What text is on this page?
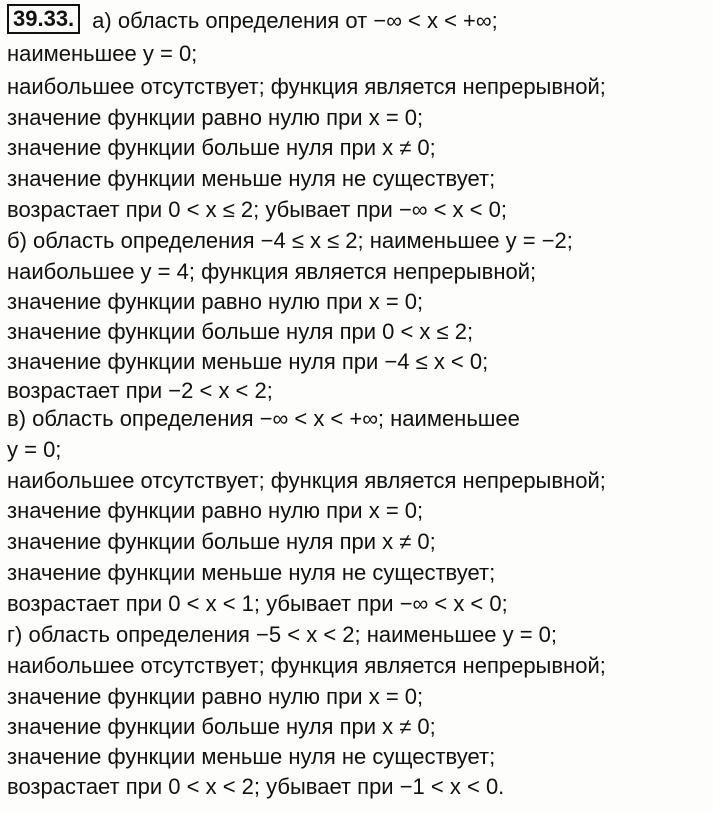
39.33. а) область определения от −∞ < x < +∞;
наименьшее y = 0;
наибольшее отсутствует; функция является непрерывной;
значение функции равно нулю при x = 0;
значение функции больше нуля при x ≠ 0;
значение функции меньше нуля не существует;
возрастает при 0 < x ≤ 2; убывает при −∞ < x < 0;
б) область определения −4 ≤ x ≤ 2; наименьшее y = −2;
наибольшее y = 4; функция является непрерывной;
значение функции равно нулю при x = 0;
значение функции больше нуля при 0 < x ≤ 2;
значение функции меньше нуля при −4 ≤ x < 0;
возрастает при −2 < x < 2;
в) область определения −∞ < x < +∞; наименьшее
y = 0;
наибольшее отсутствует; функция является непрерывной;
значение функции равно нулю при x = 0;
значение функции больше нуля при x ≠ 0;
значение функции меньше нуля не существует;
возрастает при 0 < x < 1; убывает при −∞ < x < 0;
г) область определения −5 < x < 2; наименьшее y = 0;
наибольшее отсутствует; функция является непрерывной;
значение функции равно нулю при x = 0;
значение функции больше нуля при x ≠ 0;
значение функции меньше нуля не существует;
возрастает при 0 < x < 2; убывает при −1 < x < 0.
